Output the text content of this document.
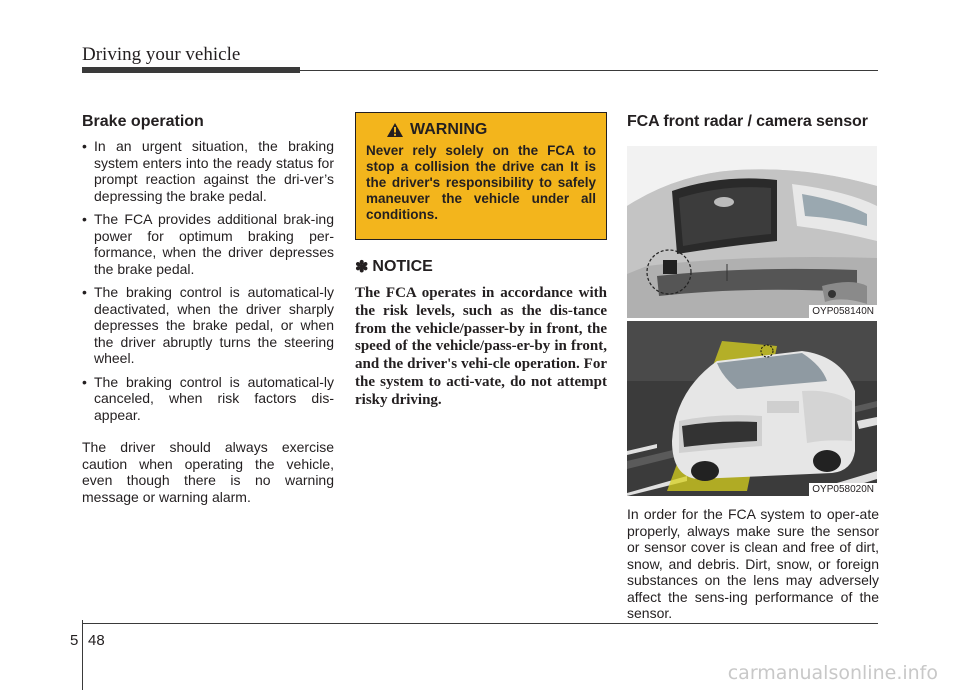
Driving your vehicle
Brake operation
• In an urgent situation, the braking system enters into the ready status for prompt reaction against the dri-ver’s depressing the brake pedal.
• The FCA provides additional brak-ing power for optimum braking per-formance, when the driver depresses the brake pedal.
• The braking control is automatical-ly deactivated, when the driver sharply depresses the brake pedal, or when the driver abruptly turns the steering wheel.
• The braking control is automatical-ly canceled, when risk factors dis-appear.

The driver should always exercise caution when operating the vehicle, even though there is no warning message or warning alarm.

WARNING

Never rely solely on the FCA to stop a collision the drive can It is the driver's responsibility to safely maneuver the vehicle under all conditions.

✽ NOTICE

The FCA operates in accordance with the risk levels, such as the dis-tance from the vehicle/passer-by in front, the speed of the vehicle/pass-er-by in front, and the driver's vehi-cle operation. For the system to acti-vate, do not attempt risky driving.

FCA front radar / camera sensor
OYP058140N
OYP058020N

In order for the FCA system to oper-ate properly, always make sure the sensor or sensor cover is clean and free of dirt, snow, and debris. Dirt, snow, or foreign substances on the lens may adversely affect the sens-ing performance of the sensor.

5 48
carmanualsonline.info
